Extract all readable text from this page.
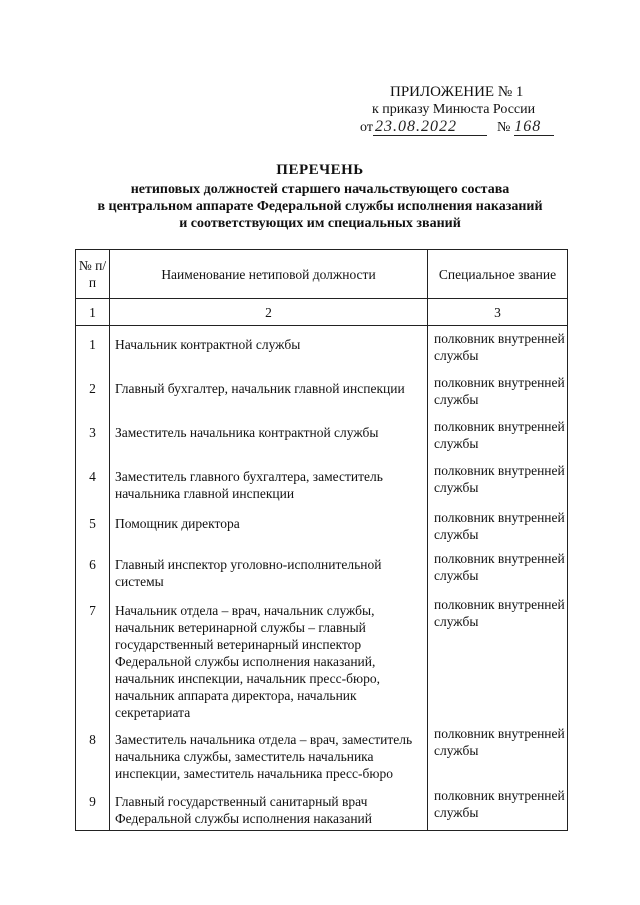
ПРИЛОЖЕНИЕ № 1
к приказу Минюста России
от 23.08.2022	№ 168
ПЕРЕЧЕНЬ
нетиповых должностей старшего начальствующего состава
в центральном аппарате Федеральной службы исполнения наказаний
и соответствующих им специальных званий
№ п/п	Наименование нетиповой должности	Специальное звание
1	2	3
1	Начальник контрактной службы	полковник внутренней службы
2	Главный бухгалтер, начальник главной инспекции	полковник внутренней службы
3	Заместитель начальника контрактной службы	полковник внутренней службы
4	Заместитель главного бухгалтера, заместитель начальника главной инспекции	полковник внутренней службы
5	Помощник директора	полковник внутренней службы
6	Главный инспектор уголовно-исполнительной системы	полковник внутренней службы
7	Начальник отдела – врач, начальник службы, начальник ветеринарной службы – главный государственный ветеринарный инспектор Федеральной службы исполнения наказаний, начальник инспекции, начальник пресс-бюро, начальник аппарата директора, начальник секретариата	полковник внутренней службы
8	Заместитель начальника отдела – врач, заместитель начальника службы, заместитель начальника инспекции, заместитель начальника пресс-бюро	полковник внутренней службы
9	Главный государственный санитарный врач Федеральной службы исполнения наказаний	полковник внутренней службы
